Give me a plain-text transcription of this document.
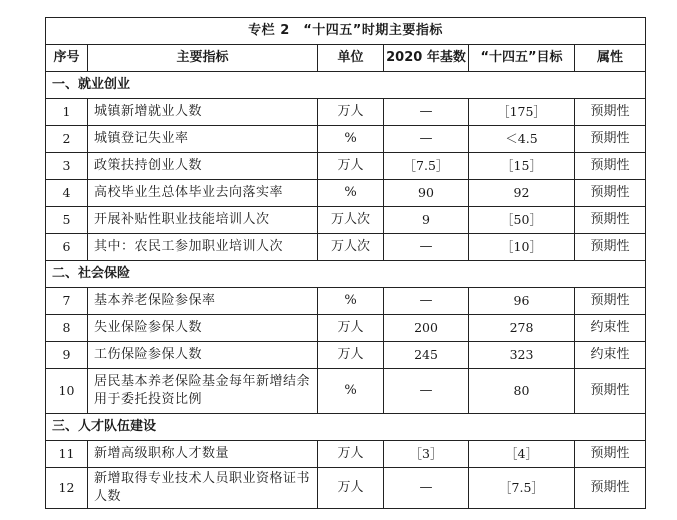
专栏 2　“十四五”时期主要指标					
序号	主要指标	单位	2020 年基数	“十四五”目标	属性
一、就业创业					
1	城镇新增就业人数	万人	—	［175］	预期性
2	城镇登记失业率	%	—	＜4.5	预期性
3	政策扶持创业人数	万人	［7.5］	［15］	预期性
4	高校毕业生总体毕业去向落实率	%	90	92	预期性
5	开展补贴性职业技能培训人次	万人次	9	［50］	预期性
6	其中：农民工参加职业培训人次	万人次	—	［10］	预期性
二、社会保险					
7	基本养老保险参保率	%	—	96	预期性
8	失业保险参保人数	万人	200	278	约束性
9	工伤保险参保人数	万人	245	323	约束性
10	居民基本养老保险基金每年新增结余用于委托投资比例	%	—	80	预期性
三、人才队伍建设					
11	新增高级职称人才数量	万人	［3］	［4］	预期性
12	新增取得专业技术人员职业资格证书人数	万人	—	［7.5］	预期性
